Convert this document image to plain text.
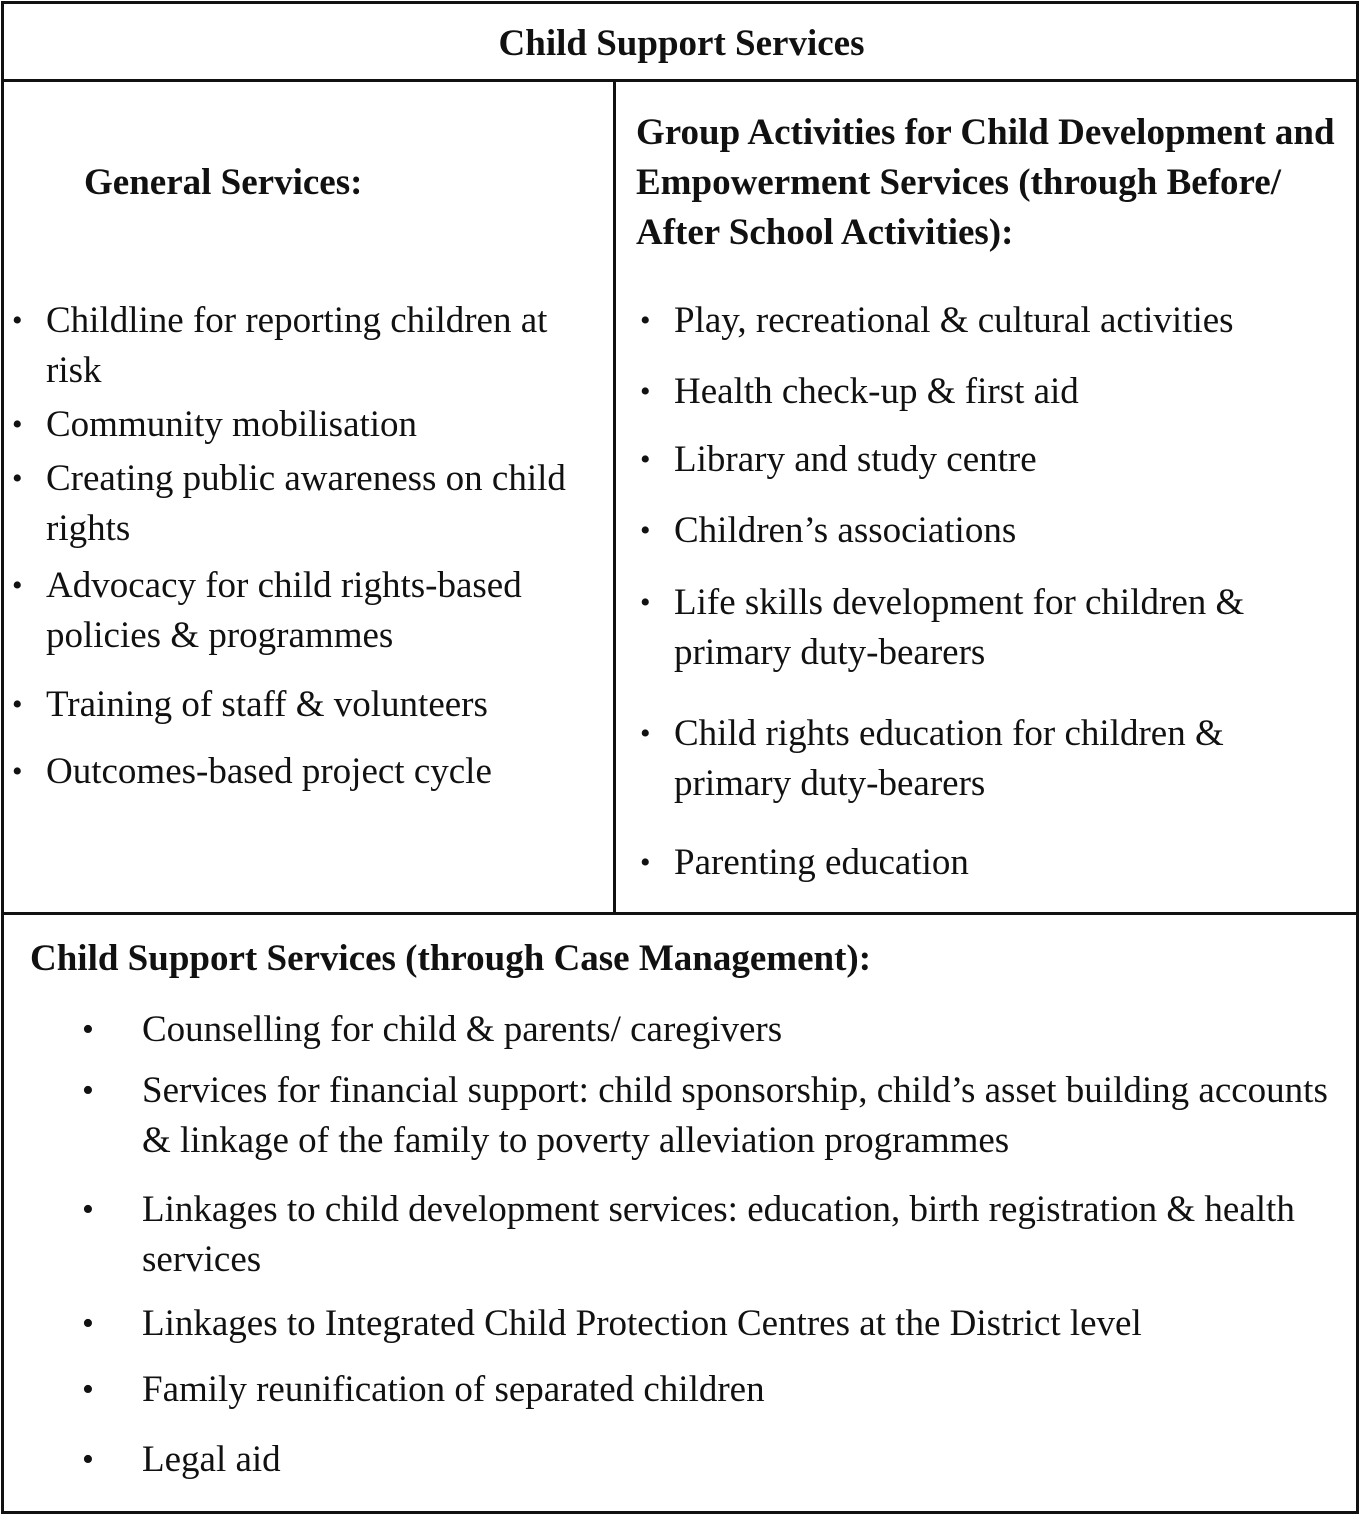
Child Support Services
General Services:
• Childline for reporting children at risk
• Community mobilisation
• Creating public awareness on child rights
• Advocacy for child rights-based policies & programmes
• Training of staff & volunteers
• Outcomes-based project cycle
Group Activities for Child Development and Empowerment Services (through Before/ After School Activities):
• Play, recreational & cultural activities
• Health check-up & first aid
• Library and study centre
• Children’s associations
• Life skills development for children & primary duty-bearers
• Child rights education for children & primary duty-bearers
• Parenting education
Child Support Services (through Case Management):
• Counselling for child & parents/ caregivers
• Services for financial support: child sponsorship, child’s asset building accounts & linkage of the family to poverty alleviation programmes
• Linkages to child development services: education, birth registration & health services
• Linkages to Integrated Child Protection Centres at the District level
• Family reunification of separated children
• Legal aid
